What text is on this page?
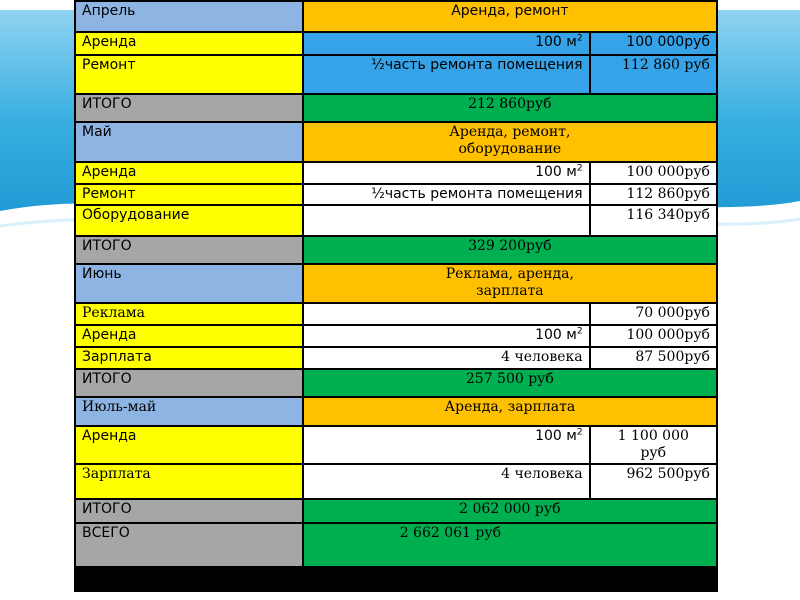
Апрель	Аренда, ремонт	
Аренда	100 $м^2$	100 000руб
Ремонт	½часть ремонта помещения	112 860 руб
ИТОГО	212 860руб	
Май	Аренда, ремонт, оборудование	
Аренда	100 $м^2$	100 000руб
Ремонт	½часть ремонта помещения	112 860руб
Оборудование		116 340руб
ИТОГО	329 200руб	
Июнь	Реклама, аренда, зарплата	
Реклама		70 000руб
Аренда	100 $м^2$	100 000руб
Зарплата	4 человека	87 500руб
ИТОГО	257 500 руб	
Июль-май	Аренда, зарплата	
Аренда	100 $м^2$	1 100 000 руб
Зарплата	4 человека	962 500руб
ИТОГО	2 062 000 руб	
ВСЕГО	2 662 061 руб	
